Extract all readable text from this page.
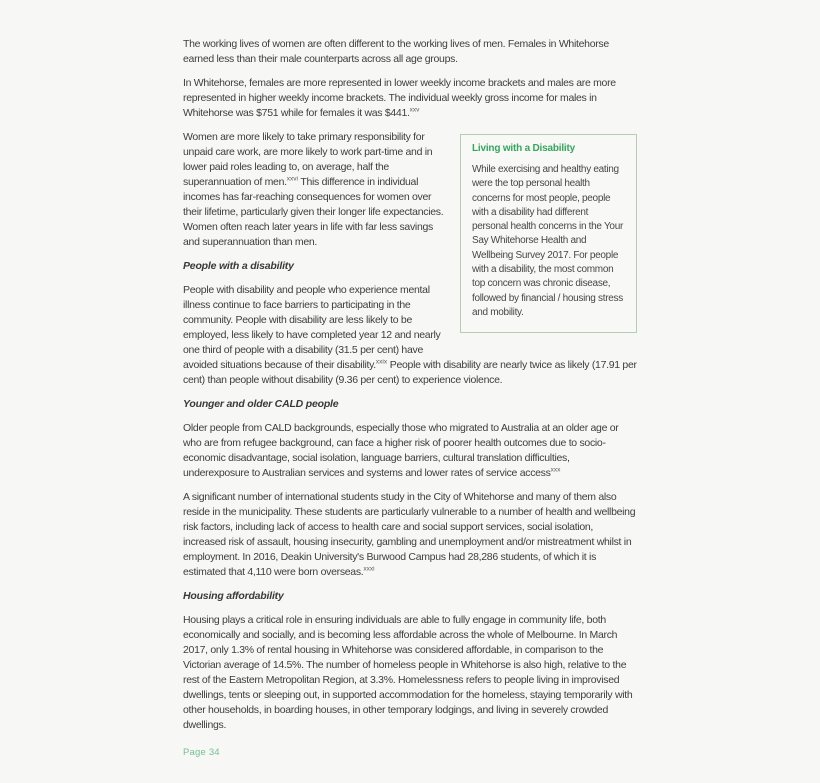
The working lives of women are often different to the working lives of men. Females in Whitehorse earned less than their male counterparts across all age groups.

In Whitehorse, females are more represented in lower weekly income brackets and males are more represented in higher weekly income brackets. The individual weekly gross income for males in Whitehorse was $751 while for females it was $441.$^{xxv}$

Living with a Disability

While exercising and healthy eating were the top personal health concerns for most people, people with a disability had different personal health concerns in the Your Say Whitehorse Health and Wellbeing Survey 2017. For people with a disability, the most common top concern was chronic disease, followed by financial / housing stress and mobility.

Women are more likely to take primary responsibility for unpaid care work, are more likely to work part-time and in lower paid roles leading to, on average, half the superannuation of men.$^{xxvi}$ This difference in individual incomes has far-reaching consequences for women over their lifetime, particularly given their longer life expectancies. Women often reach later years in life with far less savings and superannuation than men.

People with a disability

People with disability and people who experience mental illness continue to face barriers to participating in the community. People with disability are less likely to be employed, less likely to have completed year 12 and nearly one third of people with a disability (31.5 per cent) have avoided situations because of their disability.$^{xxix}$ People with disability are nearly twice as likely (17.91 per cent) than people without disability (9.36 per cent) to experience violence.

Younger and older CALD people

Older people from CALD backgrounds, especially those who migrated to Australia at an older age or who are from refugee background, can face a higher risk of poorer health outcomes due to socio-economic disadvantage, social isolation, language barriers, cultural translation difficulties, underexposure to Australian services and systems and lower rates of service access$^{xxx}$

A significant number of international students study in the City of Whitehorse and many of them also reside in the municipality. These students are particularly vulnerable to a number of health and wellbeing risk factors, including lack of access to health care and social support services, social isolation, increased risk of assault, housing insecurity, gambling and unemployment and/or mistreatment whilst in employment. In 2016, Deakin University's Burwood Campus had 28,286 students, of which it is estimated that 4,110 were born overseas.$^{xxxi}$

Housing affordability

Housing plays a critical role in ensuring individuals are able to fully engage in community life, both economically and socially, and is becoming less affordable across the whole of Melbourne. In March 2017, only 1.3% of rental housing in Whitehorse was considered affordable, in comparison to the Victorian average of 14.5%. The number of homeless people in Whitehorse is also high, relative to the rest of the Eastern Metropolitan Region, at 3.3%. Homelessness refers to people living in improvised dwellings, tents or sleeping out, in supported accommodation for the homeless, staying temporarily with other households, in boarding houses, in other temporary lodgings, and living in severely crowded dwellings.

Page 34
